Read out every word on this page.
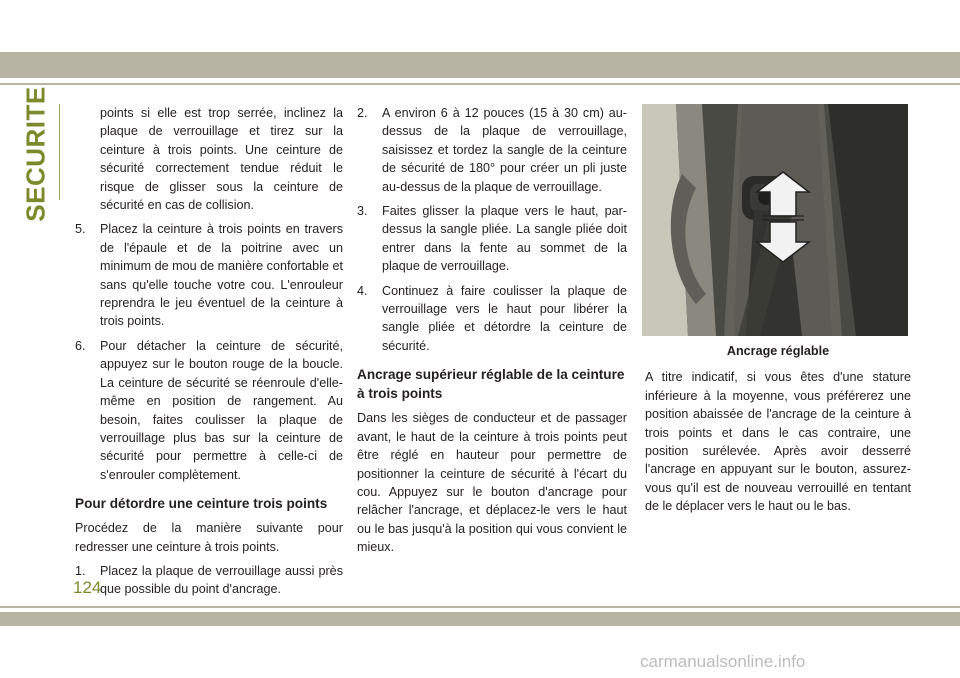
SECURITE	points si elle est trop serrée, inclinez la plaque de verrouillage et tirez sur la ceinture à trois points. Une ceinture de sécurité correctement tendue réduit le risque de glisser sous la ceinture de sécurité en cas de collision.

5. Placez la ceinture à trois points en travers de l'épaule et de la poitrine avec un minimum de mou de manière confortable et sans qu'elle touche votre cou. L'enrouleur reprendra le jeu éventuel de la ceinture à trois points.
6. Pour détacher la ceinture de sécurité, appuyez sur le bouton rouge de la boucle. La ceinture de sécurité se réenroule d'elle-même en position de rangement. Au besoin, faites coulisser la plaque de verrouillage plus bas sur la ceinture de sécurité pour permettre à celle-ci de s'enrouler complètement.
Pour détordre une ceinture trois points

Procédez de la manière suivante pour redresser une ceinture à trois points.

1. Placez la plaque de verrouillage aussi près que possible du point d'ancrage.
2. A environ 6 à 12 pouces (15 à 30 cm) au-dessus de la plaque de verrouillage, saisissez et tordez la sangle de la ceinture de sécurité de 180° pour créer un pli juste au-dessus de la plaque de verrouillage.
3. Faites glisser la plaque vers le haut, par-dessus la sangle pliée. La sangle pliée doit entrer dans la fente au sommet de la plaque de verrouillage.
4. Continuez à faire coulisser la plaque de verrouillage vers le haut pour libérer la sangle pliée et détordre la ceinture de sécurité.
Ancrage supérieur réglable de la ceinture à trois points

Dans les sièges de conducteur et de passager avant, le haut de la ceinture à trois points peut être réglé en hauteur pour permettre de positionner la ceinture de sécurité à l'écart du cou. Appuyez sur le bouton d'ancrage pour relâcher l'ancrage, et déplacez-le vers le haut ou le bas jusqu'à la position qui vous convient le mieux.

Ancrage réglable

A titre indicatif, si vous êtes d'une stature inférieure à la moyenne, vous préférerez une position abaissée de l'ancrage de la ceinture à trois points et dans le cas contraire, une position surélevée. Après avoir desserré l'ancrage en appuyant sur le bouton, assurez-vous qu'il est de nouveau verrouillé en tentant de le déplacer vers le haut ou le bas.

124
carmanualsonline.info
